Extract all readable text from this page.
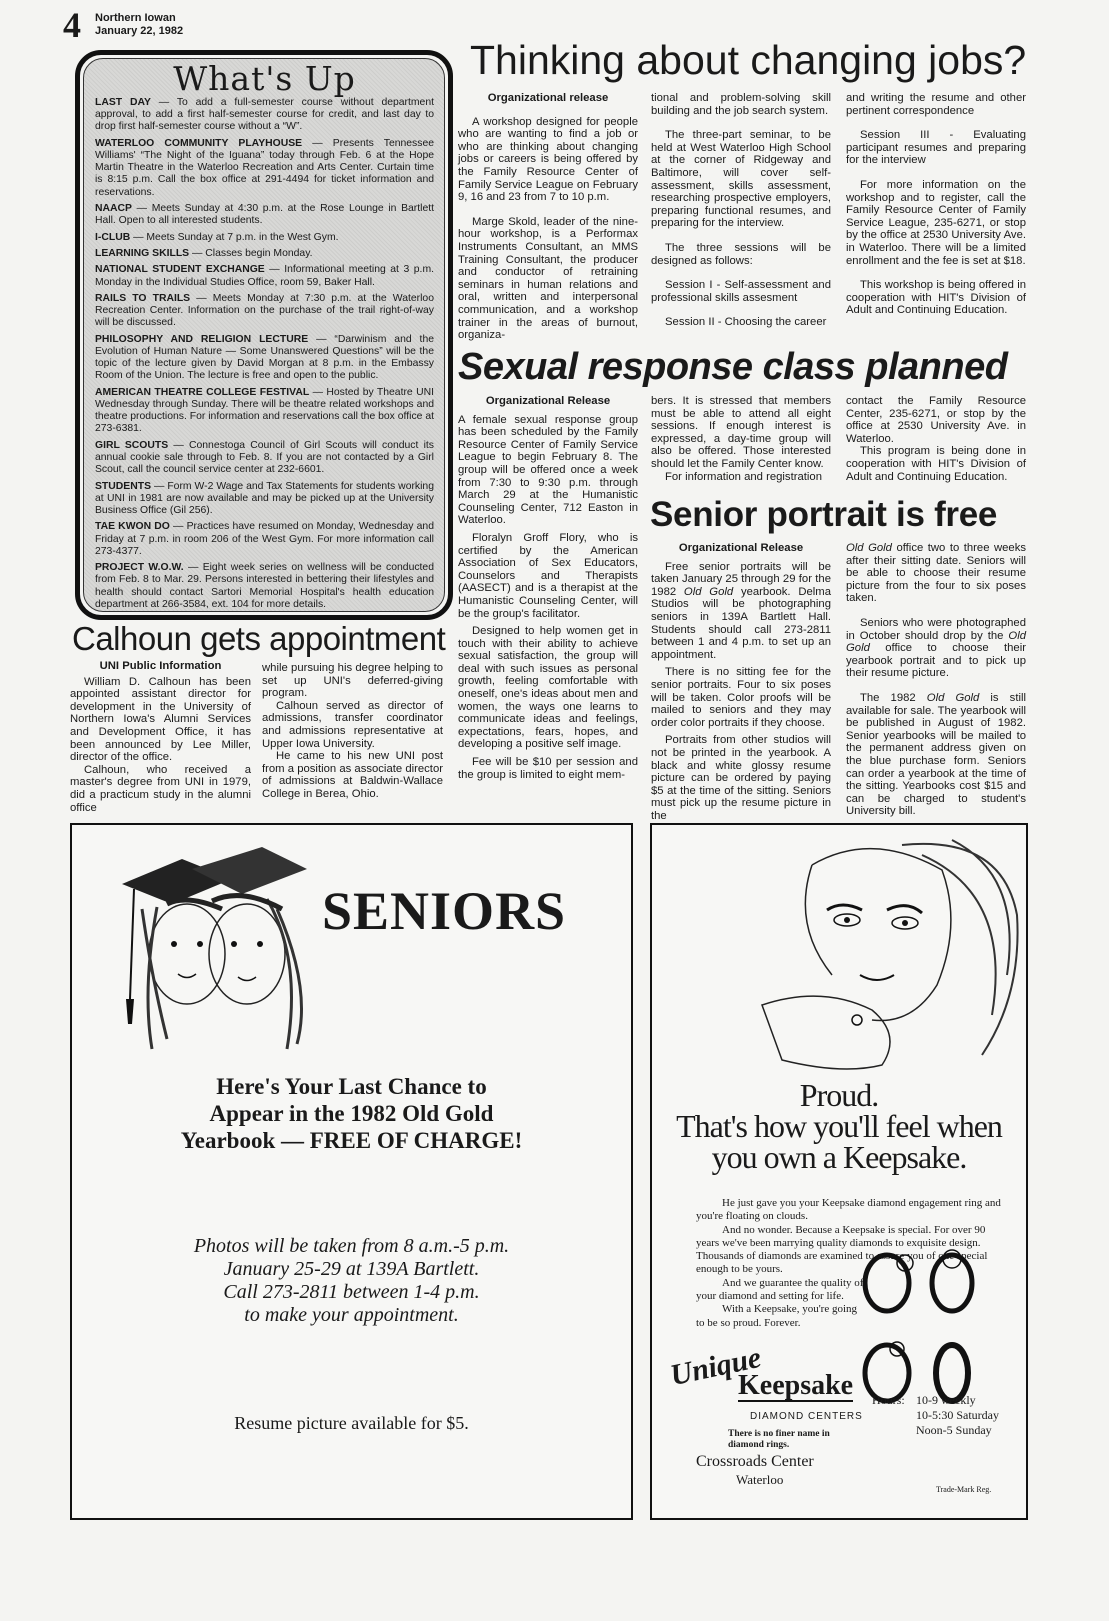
4 Northern Iowan
January 22, 1982
What's Up
LAST DAY — To add a full-semester course without department approval, to add a first half-semester course for credit, and last day to drop first half-semester course without a “W”.
WATERLOO COMMUNITY PLAYHOUSE — Presents Tennessee Williams' “The Night of the Iguana” today through Feb. 6 at the Hope Martin Theatre in the Waterloo Recreation and Arts Center. Curtain time is 8:15 p.m. Call the box office at 291-4494 for ticket information and reservations.
NAACP — Meets Sunday at 4:30 p.m. at the Rose Lounge in Bartlett Hall. Open to all interested students.
I-CLUB — Meets Sunday at 7 p.m. in the West Gym.
LEARNING SKILLS — Classes begin Monday.
NATIONAL STUDENT EXCHANGE — Informational meeting at 3 p.m. Monday in the Individual Studies Office, room 59, Baker Hall.
RAILS TO TRAILS — Meets Monday at 7:30 p.m. at the Waterloo Recreation Center. Information on the purchase of the trail right-of-way will be discussed.
PHILOSOPHY AND RELIGION LECTURE — “Darwinism and the Evolution of Human Nature — Some Unanswered Questions” will be the topic of the lecture given by David Morgan at 8 p.m. in the Embassy Room of the Union. The lecture is free and open to the public.
AMERICAN THEATRE COLLEGE FESTIVAL — Hosted by Theatre UNI Wednesday through Sunday. There will be theatre related workshops and theatre productions. For information and reservations call the box office at 273-6381.
GIRL SCOUTS — Connestoga Council of Girl Scouts will conduct its annual cookie sale through to Feb. 8. If you are not contacted by a Girl Scout, call the council service center at 232-6601.
STUDENTS — Form W-2 Wage and Tax Statements for students working at UNI in 1981 are now available and may be picked up at the University Business Office (Gil 256).
TAE KWON DO — Practices have resumed on Monday, Wednesday and Friday at 7 p.m. in room 206 of the West Gym. For more information call 273-4377.
PROJECT W.O.W. — Eight week series on wellness will be conducted from Feb. 8 to Mar. 29. Persons interested in bettering their lifestyles and health should contact Sartori Memorial Hospital's health education department at 266-3584, ext. 104 for more details.
Thinking about changing jobs?

Organizational release

A workshop designed for people who are wanting to find a job or who are thinking about changing jobs or careers is being offered by the Family Resource Center of Family Service League on February 9, 16 and 23 from 7 to 10 p.m.

Marge Skold, leader of the nine-hour workshop, is a Performax Instruments Consultant, an MMS Training Consultant, the producer and conductor of retraining seminars in human relations and oral, written and interpersonal communication, and a workshop trainer in the areas of burnout, organiza-

tional and problem-solving skill building and the job search system.

The three-part seminar, to be held at West Waterloo High School at the corner of Ridgeway and Baltimore, will cover self-assessment, skills assessment, researching prospective employers, preparing functional resumes, and preparing for the interview.

The three sessions will be designed as follows:

Session I - Self-assessment and professional skills assesment

Session II - Choosing the career

and writing the resume and other pertinent correspondence

Session III - Evaluating participant resumes and preparing for the interview

For more information on the workshop and to register, call the Family Resource Center of Family Service League, 235-6271, or stop by the office at 2530 University Ave. in Waterloo. There will be a limited enrollment and the fee is set at $18.

This workshop is being offered in cooperation with HIT's Division of Adult and Continuing Education.

Sexual response class planned

Organizational Release

A female sexual response group has been scheduled by the Family Resource Center of Family Service League to begin February 8. The group will be offered once a week from 7:30 to 9:30 p.m. through March 29 at the Humanistic Counseling Center, 712 Easton in Waterloo.

Floralyn Groff Flory, who is certified by the American Association of Sex Educators, Counselors and Therapists (AASECT) and is a therapist at the Humanistic Counseling Center, will be the group's facilitator.

Designed to help women get in touch with their ability to achieve sexual satisfaction, the group will deal with such issues as personal growth, feeling comfortable with oneself, one's ideas about men and women, the ways one learns to communicate ideas and feelings, expectations, fears, hopes, and developing a positive self image.

Fee will be $10 per session and the group is limited to eight mem-

bers. It is stressed that members must be able to attend all eight sessions. If enough interest is expressed, a day-time group will also be offered. Those interested should let the Family Center know.

For information and registration

contact the Family Resource Center, 235-6271, or stop by the office at 2530 University Ave. in Waterloo.

This program is being done in cooperation with HIT's Division of Adult and Continuing Education.

Senior portrait is free

Organizational Release

Free senior portraits will be taken January 25 through 29 for the 1982 Old Gold yearbook. Delma Studios will be photographing seniors in 139A Bartlett Hall. Students should call 273-2811 between 1 and 4 p.m. to set up an appointment.

There is no sitting fee for the senior portraits. Four to six poses will be taken. Color proofs will be mailed to seniors and they may order color portraits if they choose.

Portraits from other studios will not be printed in the yearbook. A black and white glossy resume picture can be ordered by paying $5 at the time of the sitting. Seniors must pick up the resume picture in the

Old Gold office two to three weeks after their sitting date. Seniors will be able to choose their resume picture from the four to six poses taken.

Seniors who were photographed in October should drop by the Old Gold office to choose their yearbook portrait and to pick up their resume picture.

The 1982 Old Gold is still available for sale. The yearbook will be published in August of 1982. Senior yearbooks will be mailed to the permanent address given on the blue purchase form. Seniors can order a yearbook at the time of the sitting. Yearbooks cost $15 and can be charged to student's University bill.

Calhoun gets appointment

UNI Public Information

William D. Calhoun has been appointed assistant director for development in the University of Northern Iowa's Alumni Services and Development Office, it has been announced by Lee Miller, director of the office.

Calhoun, who received a master's degree from UNI in 1979, did a practicum study in the alumni office

while pursuing his degree helping to set up UNI's deferred-giving program.

Calhoun served as director of admissions, transfer coordinator and admissions representative at Upper Iowa University.

He came to his new UNI post from a position as associate director of admissions at Baldwin-Wallace College in Berea, Ohio.

SENIORS
Here's Your Last Chance to
Appear in the 1982 Old Gold
Yearbook — FREE OF CHARGE!
Photos will be taken from 8 a.m.-5 p.m.
January 25-29 at 139A Bartlett.
Call 273-2811 between 1-4 p.m.
to make your appointment.
Resume picture available for $5.
Proud.
That's how you'll feel when
you own a Keepsake.

He just gave you your Keepsake diamond engagement ring and you're floating on clouds.

And no wonder. Because a Keepsake is special. For over 90 years we've been marrying quality diamonds to exquisite design. Thousands of diamonds are examined to assure you of one special enough to be yours.

And we guarantee the quality of your diamond and setting for life.

With a Keepsake, you're going to be so proud. Forever.

Unique
Keepsake
DIAMOND CENTERS
There is no finer name in diamond rings.
Crossroads Center
Waterloo
Hours: 10-9 weekly
10-5:30 Saturday
Noon-5 Sunday
Trade-Mark Reg.
